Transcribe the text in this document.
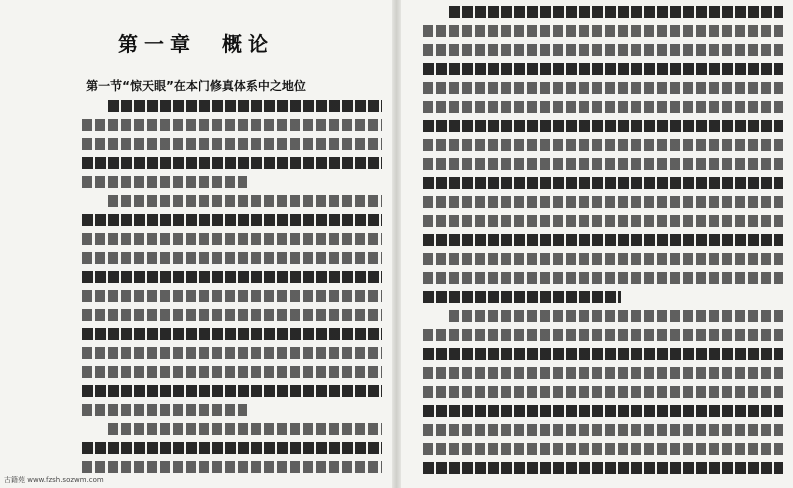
第一章　概论
第一节“惊天眼”在本门修真体系中之地位
古籍苑 www.fzsh.sozwm.com
